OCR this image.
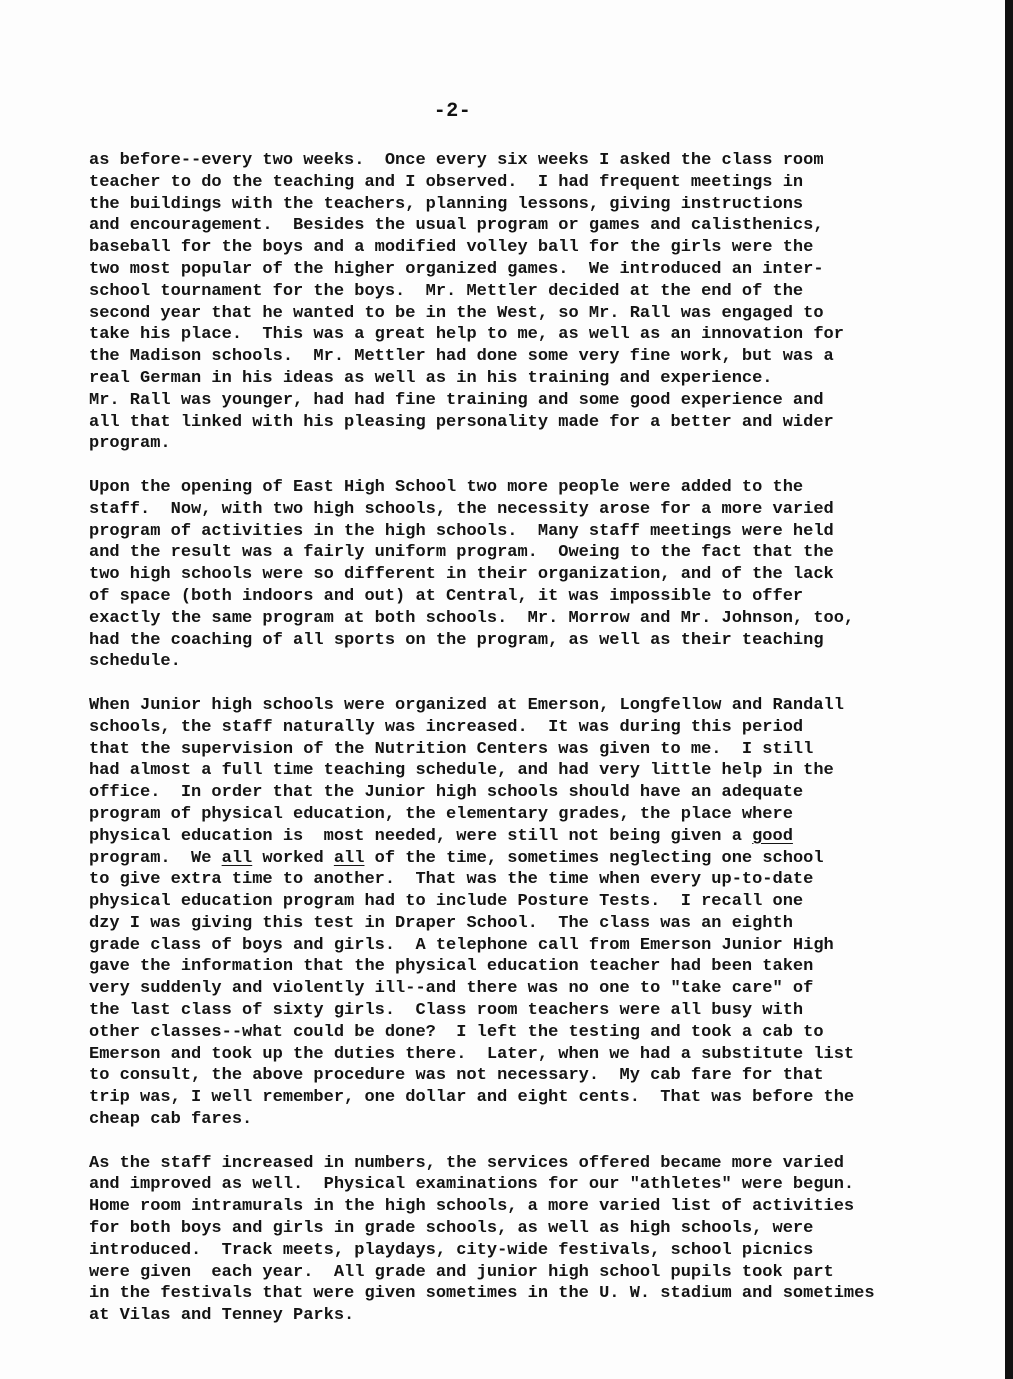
-2-
as before--every two weeks.  Once every six weeks I asked the class room
teacher to do the teaching and I observed.  I had frequent meetings in
the buildings with the teachers, planning lessons, giving instructions
and encouragement.  Besides the usual program or games and calisthenics,
baseball for the boys and a modified volley ball for the girls were the
two most popular of the higher organized games.  We introduced an inter-
school tournament for the boys.  Mr. Mettler decided at the end of the
second year that he wanted to be in the West, so Mr. Rall was engaged to
take his place.  This was a great help to me, as well as an innovation for
the Madison schools.  Mr. Mettler had done some very fine work, but was a
real German in his ideas as well as in his training and experience.
Mr. Rall was younger, had had fine training and some good experience and
all that linked with his pleasing personality made for a better and wider
program.
Upon the opening of East High School two more people were added to the
staff.  Now, with two high schools, the necessity arose for a more varied
program of activities in the high schools.  Many staff meetings were held
and the result was a fairly uniform program.  Oweing to the fact that the
two high schools were so different in their organization, and of the lack
of space (both indoors and out) at Central, it was impossible to offer
exactly the same program at both schools.  Mr. Morrow and Mr. Johnson, too,
had the coaching of all sports on the program, as well as their teaching
schedule.
When Junior high schools were organized at Emerson, Longfellow and Randall
schools, the staff naturally was increased.  It was during this period
that the supervision of the Nutrition Centers was given to me.  I still
had almost a full time teaching schedule, and had very little help in the
office.  In order that the Junior high schools should have an adequate
program of physical education, the elementary grades, the place where
physical education is  most needed, were still not being given a good
program.  We all worked all of the time, sometimes neglecting one school
to give extra time to another.  That was the time when every up-to-date
physical education program had to include Posture Tests.  I recall one
dzy I was giving this test in Draper School.  The class was an eighth
grade class of boys and girls.  A telephone call from Emerson Junior High
gave the information that the physical education teacher had been taken
very suddenly and violently ill--and there was no one to "take care" of
the last class of sixty girls.  Class room teachers were all busy with
other classes--what could be done?  I left the testing and took a cab to
Emerson and took up the duties there.  Later, when we had a substitute list
to consult, the above procedure was not necessary.  My cab fare for that
trip was, I well remember, one dollar and eight cents.  That was before the
cheap cab fares.
As the staff increased in numbers, the services offered became more varied
and improved as well.  Physical examinations for our "athletes" were begun.
Home room intramurals in the high schools, a more varied list of activities
for both boys and girls in grade schools, as well as high schools, were
introduced.  Track meets, playdays, city-wide festivals, school picnics
were given  each year.  All grade and junior high school pupils took part
in the festivals that were given sometimes in the U. W. stadium and sometimes
at Vilas and Tenney Parks.
